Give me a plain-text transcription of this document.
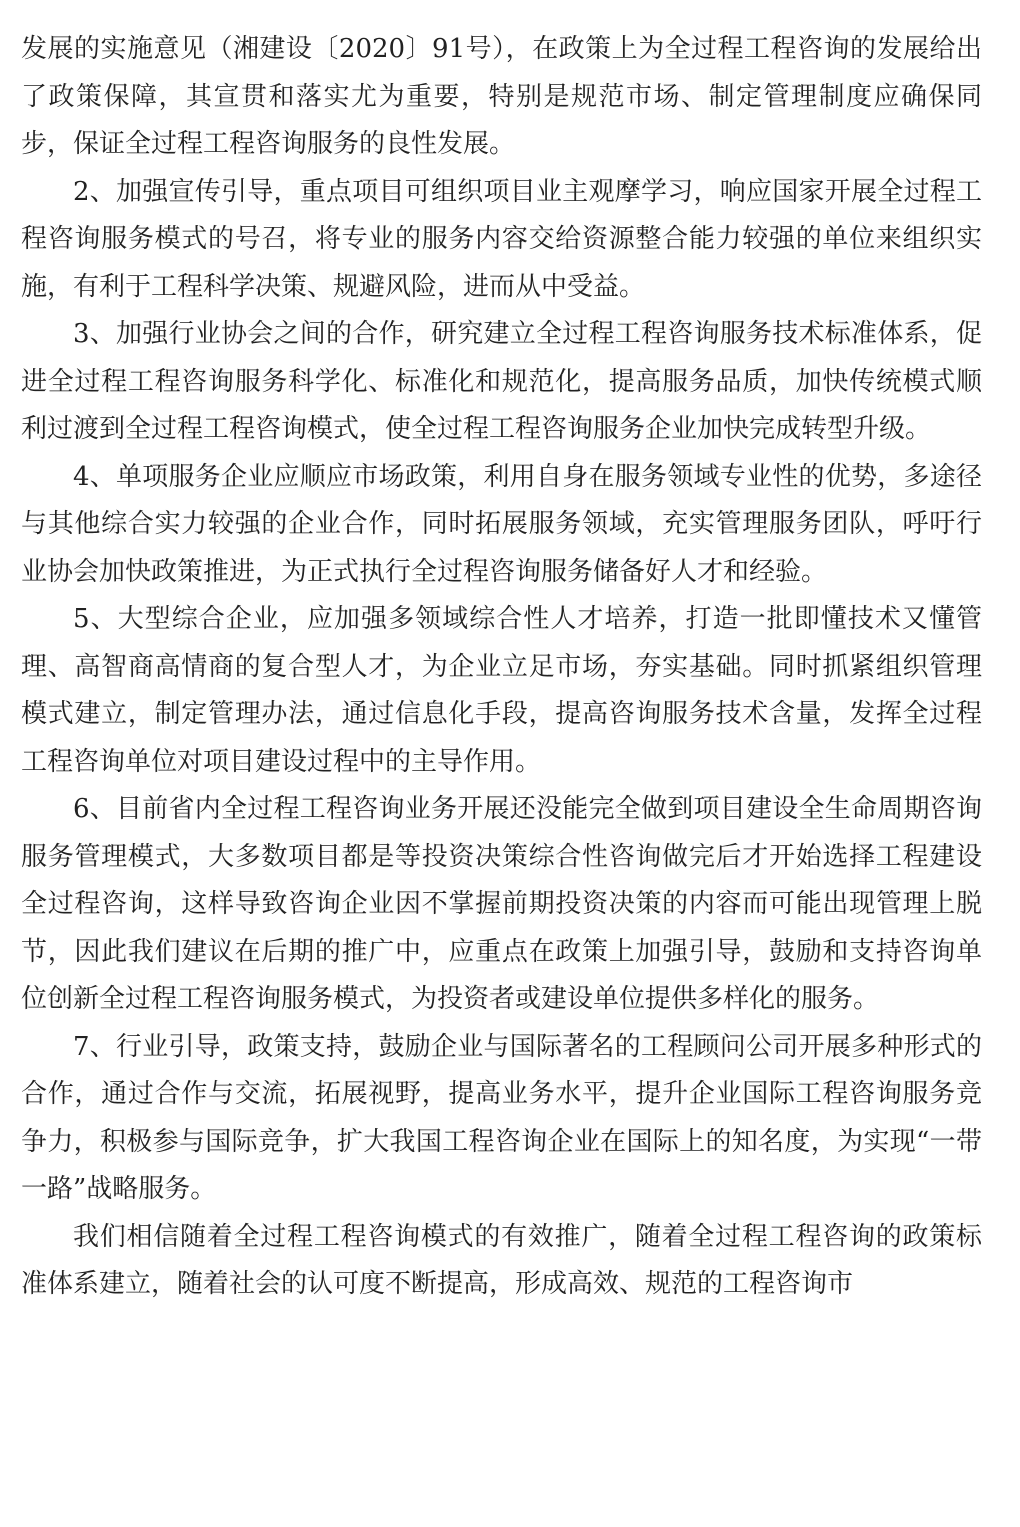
发展的实施意见（湘建设〔2020〕91号），在政策上为全过程工程咨询的发展给出了政策保障，其宣贯和落实尤为重要，特别是规范市场、制定管理制度应确保同步，保证全过程工程咨询服务的良性发展。

2、加强宣传引导，重点项目可组织项目业主观摩学习，响应国家开展全过程工程咨询服务模式的号召，将专业的服务内容交给资源整合能力较强的单位来组织实施，有利于工程科学决策、规避风险，进而从中受益。

3、加强行业协会之间的合作，研究建立全过程工程咨询服务技术标准体系，促进全过程工程咨询服务科学化、标准化和规范化，提高服务品质，加快传统模式顺利过渡到全过程工程咨询模式，使全过程工程咨询服务企业加快完成转型升级。

4、单项服务企业应顺应市场政策，利用自身在服务领域专业性的优势，多途径与其他综合实力较强的企业合作，同时拓展服务领域，充实管理服务团队，呼吁行业协会加快政策推进，为正式执行全过程咨询服务储备好人才和经验。

5、大型综合企业，应加强多领域综合性人才培养，打造一批即懂技术又懂管理、高智商高情商的复合型人才，为企业立足市场，夯实基础。同时抓紧组织管理模式建立，制定管理办法，通过信息化手段，提高咨询服务技术含量，发挥全过程工程咨询单位对项目建设过程中的主导作用。

6、目前省内全过程工程咨询业务开展还没能完全做到项目建设全生命周期咨询服务管理模式，大多数项目都是等投资决策综合性咨询做完后才开始选择工程建设全过程咨询，这样导致咨询企业因不掌握前期投资决策的内容而可能出现管理上脱节，因此我们建议在后期的推广中，应重点在政策上加强引导，鼓励和支持咨询单位创新全过程工程咨询服务模式，为投资者或建设单位提供多样化的服务。

7、行业引导，政策支持，鼓励企业与国际著名的工程顾问公司开展多种形式的合作，通过合作与交流，拓展视野，提高业务水平，提升企业国际工程咨询服务竞争力，积极参与国际竞争，扩大我国工程咨询企业在国际上的知名度，为实现“一带一路”战略服务。

我们相信随着全过程工程咨询模式的有效推广，随着全过程工程咨询的政策标准体系建立，随着社会的认可度不断提高，形成高效、规范的工程咨询市
